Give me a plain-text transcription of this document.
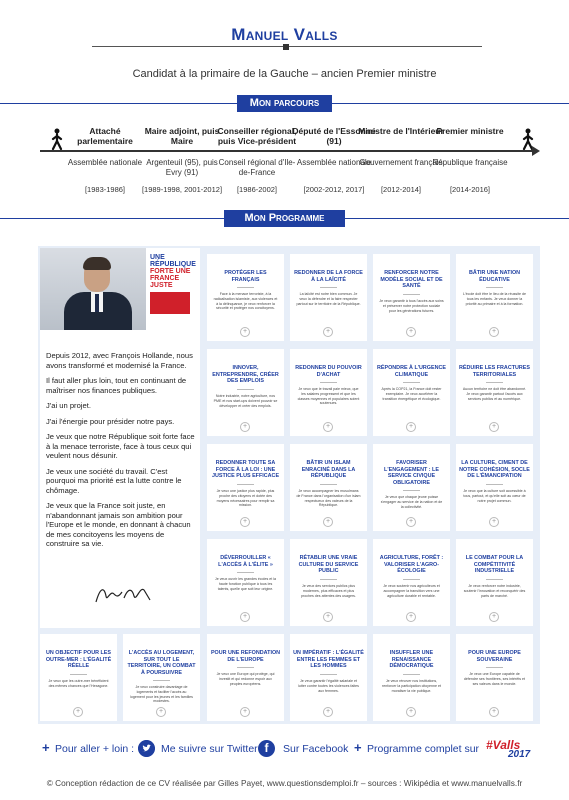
Manuel Valls
Candidat à la primaire de la Gauche – ancien Premier ministre
Mon parcours
Attaché parlementaire
Assemblée nationale
[1983-1986]
Maire adjoint, puis Maire
Argenteuil (95), puis Evry (91)
[1989-1998, 2001-2012]
Conseiller régional, puis Vice-président
Conseil régional d'Ile-de-France
[1986-2002]
Député de l'Essonne (91)
Assemblée nationale
[2002-2012, 2017]
Ministre de l'Intérieur
Gouvernement français
[2012-2014]
Premier ministre
République française
[2014-2016]
Mon Programme
UNE
RÉPUBLIQUE
FORTE UNE
FRANCE JUSTE

Depuis 2012, avec François Hollande, nous avons transformé et modernisé la France.

Il faut aller plus loin, tout en continuant de maîtriser nos finances publiques.

J'ai un projet.

J'ai l'énergie pour présider notre pays.

Je veux que notre République soit forte face à la menace terroriste, face à tous ceux qui veulent nous désunir.

Je veux une société du travail. C'est pourquoi ma priorité est la lutte contre le chômage.

Je veux que la France soit juste, en n'abandonnant jamais son ambition pour l'Europe et le monde, en donnant à chacun de mes concitoyens les moyens de construire sa vie.

PROTÉGER LES FRANÇAIS
Face à la menace terroriste, à la radicalisation islamiste, aux violences et à la délinquance, je veux renforcer la sécurité et protéger nos concitoyens.
+
REDONNER DE LA FORCE À LA LAÏCITÉ
La laïcité est notre bien commun. Je veux la défendre et la faire respecter partout sur le territoire de la République.
+
RENFORCER NOTRE MODÈLE SOCIAL ET DE SANTÉ
Je veux garantir à tous l'accès aux soins et préserver notre protection sociale pour les générations futures.
+
BÂTIR UNE NATION ÉDUCATIVE
L'école doit être le lieu de la réussite de tous les enfants. Je veux donner la priorité au primaire et à la formation.
+
INNOVER, ENTREPRENDRE, CRÉER DES EMPLOIS
Notre industrie, notre agriculture, nos PME et nos start-ups doivent pouvoir se développer et créer des emplois.
+
REDONNER DU POUVOIR D'ACHAT
Je veux que le travail paie mieux, que les salaires progressent et que les classes moyennes et populaires soient soutenues.
+
RÉPONDRE À L'URGENCE CLIMATIQUE
Après la COP21, la France doit rester exemplaire. Je veux accélérer la transition énergétique et écologique.
+
RÉDUIRE LES FRACTURES TERRITORIALES
Aucun territoire ne doit être abandonné. Je veux garantir partout l'accès aux services publics et au numérique.
+
REDONNER TOUTE SA FORCE À LA LOI : UNE JUSTICE PLUS EFFICACE
Je veux une justice plus rapide, plus proche des citoyens et dotée des moyens nécessaires pour remplir sa mission.
+
BÂTIR UN ISLAM ENRACINÉ DANS LA RÉPUBLIQUE
Je veux accompagner les musulmans de France dans l'organisation d'un islam respectueux des valeurs de la République.
+
FAVORISER L'ENGAGEMENT : LE SERVICE CIVIQUE OBLIGATOIRE
Je veux que chaque jeune puisse s'engager au service de la nation et de la collectivité.
+
LA CULTURE, CIMENT DE NOTRE COHÉSION, SOCLE DE L'ÉMANCIPATION
Je veux que la culture soit accessible à tous, partout, et qu'elle soit au cœur de notre projet commun.
+
DÉVERROUILLER « L'ACCÈS À L'ÉLITE »
Je veux ouvrir les grandes écoles et la haute fonction publique à tous les talents, quelle que soit leur origine.
+
RÉTABLIR UNE VRAIE CULTURE DU SERVICE PUBLIC
Je veux des services publics plus modernes, plus efficaces et plus proches des attentes des usagers.
+
AGRICULTURE, FORÊT : VALORISER L'AGRO-ÉCOLOGIE
Je veux soutenir nos agriculteurs et accompagner la transition vers une agriculture durable et rentable.
+
LE COMBAT POUR LA COMPÉTITIVITÉ INDUSTRIELLE
Je veux renforcer notre industrie, soutenir l'innovation et reconquérir des parts de marché.
+
UN OBJECTIF POUR LES OUTRE-MER : L'ÉGALITÉ RÉELLE
Je veux que les outre-mer bénéficient des mêmes chances que l'Hexagone.
+
L'ACCÈS AU LOGEMENT, SUR TOUT LE TERRITOIRE, UN COMBAT À POURSUIVRE
Je veux construire davantage de logements et faciliter l'accès au logement pour les jeunes et les familles modestes.
+
POUR UNE REFONDATION DE L'EUROPE
Je veux une Europe qui protège, qui investit et qui redonne espoir aux peuples européens.
+
UN IMPÉRATIF : L'ÉGALITÉ ENTRE LES FEMMES ET LES HOMMES
Je veux garantir l'égalité salariale et lutter contre toutes les violences faites aux femmes.
+
INSUFFLER UNE RENAISSANCE DÉMOCRATIQUE
Je veux rénover nos institutions, renforcer la participation citoyenne et moraliser la vie publique.
+
POUR UNE EUROPE SOUVERAINE
Je veux une Europe capable de défendre ses frontières, ses intérêts et ses valeurs dans le monde.
+
+ Pour aller + loin :	Me suivre sur Twitter f	Sur Facebook + Programme complet sur #Valls
2017
© Conception rédaction de ce CV réalisée par Gilles Payet, www.questionsdemploi.fr – sources : Wikipédia et www.manuelvalls.fr
